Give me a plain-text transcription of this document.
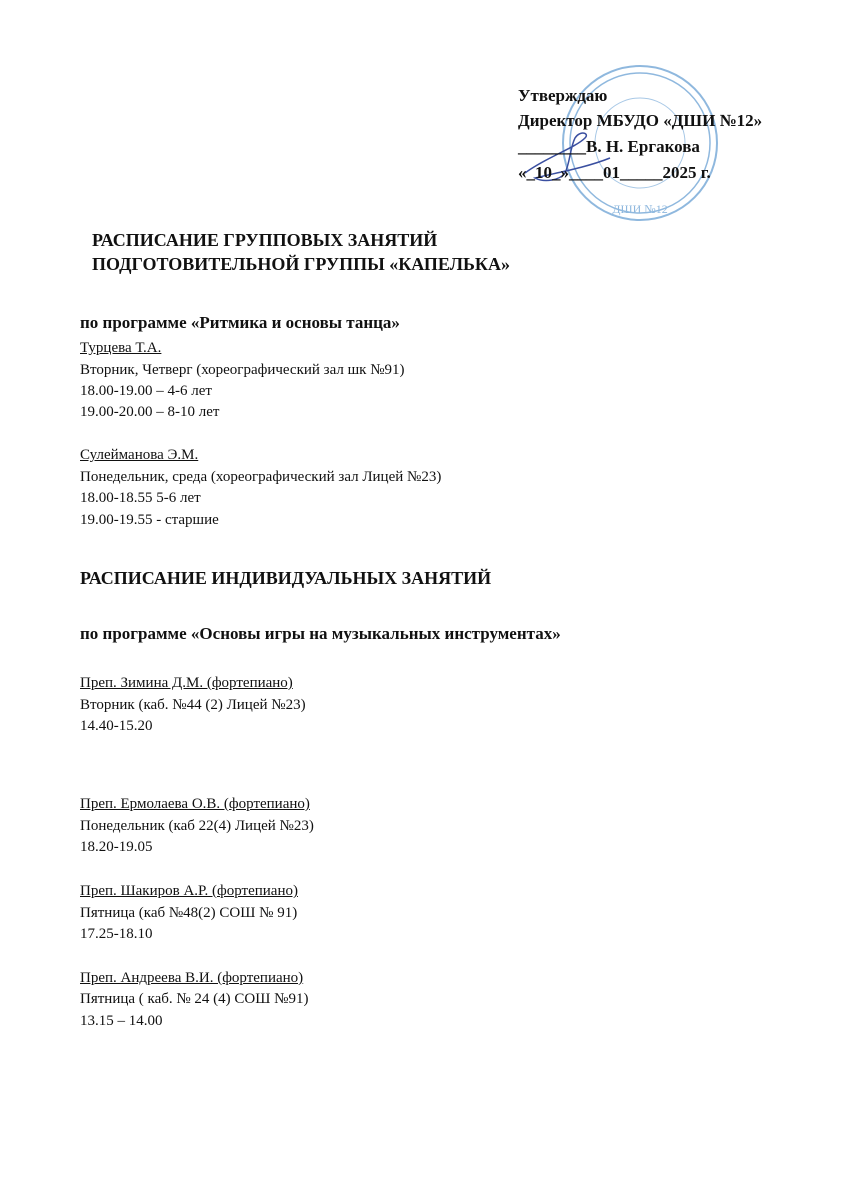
ДШИ №12
Утверждаю
Директор МБУДО «ДШИ №12»
________В. Н. Ергакова
«_10_»____01_____2025 г.
РАСПИСАНИЕ ГРУППОВЫХ ЗАНЯТИЙ
ПОДГОТОВИТЕЛЬНОЙ ГРУППЫ «КАПЕЛЬКА»
по программе «Ритмика и основы танца»
Турцева Т.А.
Вторник, Четверг (хореографический зал шк №91)
18.00-19.00 – 4-6 лет
19.00-20.00 – 8-10 лет
Сулейманова Э.М.
Понедельник, среда (хореографический зал Лицей №23)
18.00-18.55 5-6 лет
19.00-19.55 - старшие
РАСПИСАНИЕ ИНДИВИДУАЛЬНЫХ ЗАНЯТИЙ
по программе «Основы игры на музыкальных инструментах»
Преп. Зимина Д.М. (фортепиано)
Вторник (каб. №44 (2) Лицей №23)
14.40-15.20
Преп. Ермолаева О.В. (фортепиано)
Понедельник (каб 22(4) Лицей №23)
18.20-19.05
Преп. Шакиров А.Р. (фортепиано)
Пятница (каб №48(2) СОШ № 91)
17.25-18.10
Преп. Андреева В.И. (фортепиано)
Пятница ( каб. № 24 (4) СОШ №91)
13.15 – 14.00
